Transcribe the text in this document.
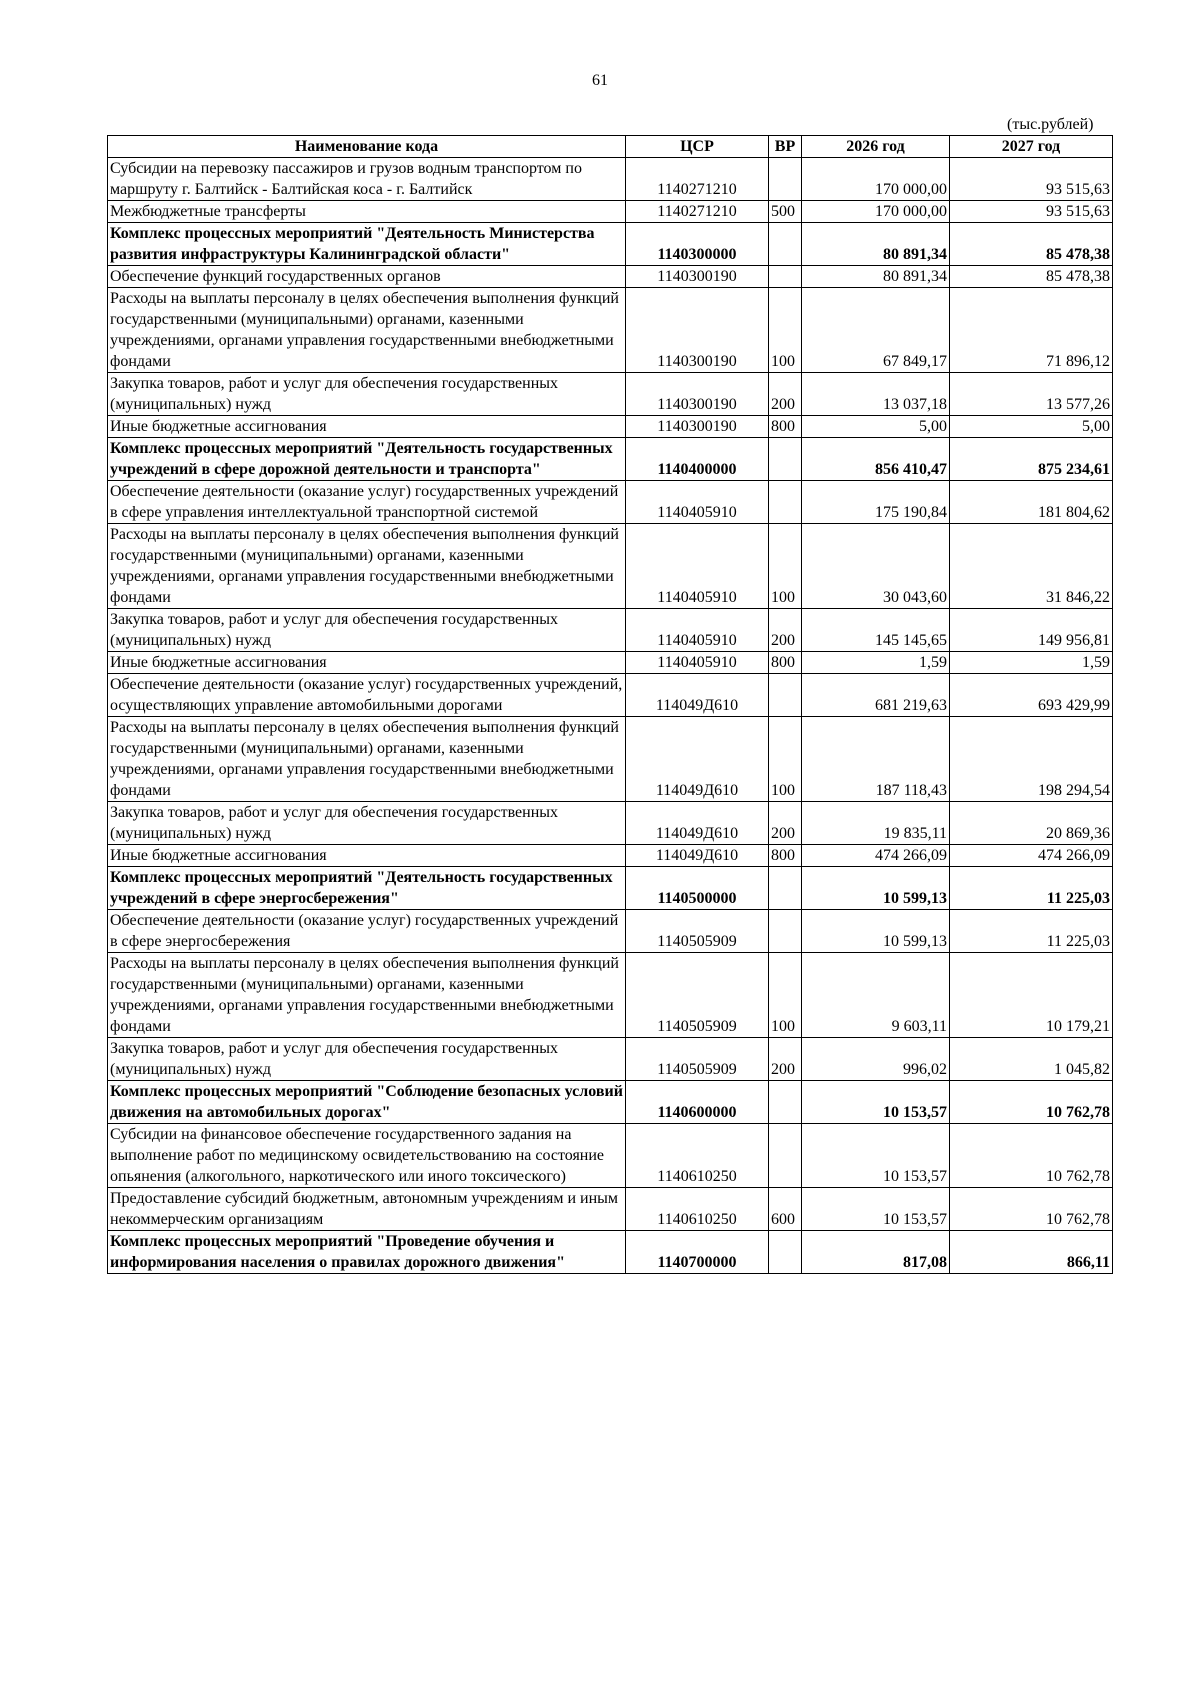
61
(тыс.рублей)
Наименование кода	ЦСР	ВР	2026 год	2027 год
Субсидии на перевозку пассажиров и грузов водным транспортом по маршруту г. Балтийск - Балтийская коса - г. Балтийск	1140271210		170 000,00	93 515,63
Межбюджетные трансферты	1140271210	500	170 000,00	93 515,63
Комплекс процессных мероприятий "Деятельность Министерства развития инфраструктуры Калининградской области"	1140300000		80 891,34	85 478,38
Обеспечение функций государственных органов	1140300190		80 891,34	85 478,38
Расходы на выплаты персоналу в целях обеспечения выполнения функций государственными (муниципальными) органами, казенными учреждениями, органами управления государственными внебюджетными фондами	1140300190	100	67 849,17	71 896,12
Закупка товаров, работ и услуг для обеспечения государственных (муниципальных) нужд	1140300190	200	13 037,18	13 577,26
Иные бюджетные ассигнования	1140300190	800	5,00	5,00
Комплекс процессных мероприятий "Деятельность государственных учреждений в сфере дорожной деятельности и транспорта"	1140400000		856 410,47	875 234,61
Обеспечение деятельности (оказание услуг) государственных учреждений в сфере управления интеллектуальной транспортной системой	1140405910		175 190,84	181 804,62
Расходы на выплаты персоналу в целях обеспечения выполнения функций государственными (муниципальными) органами, казенными учреждениями, органами управления государственными внебюджетными фондами	1140405910	100	30 043,60	31 846,22
Закупка товаров, работ и услуг для обеспечения государственных (муниципальных) нужд	1140405910	200	145 145,65	149 956,81
Иные бюджетные ассигнования	1140405910	800	1,59	1,59
Обеспечение деятельности (оказание услуг) государственных учреждений, осуществляющих управление автомобильными дорогами	114049Д610		681 219,63	693 429,99
Расходы на выплаты персоналу в целях обеспечения выполнения функций государственными (муниципальными) органами, казенными учреждениями, органами управления государственными внебюджетными фондами	114049Д610	100	187 118,43	198 294,54
Закупка товаров, работ и услуг для обеспечения государственных (муниципальных) нужд	114049Д610	200	19 835,11	20 869,36
Иные бюджетные ассигнования	114049Д610	800	474 266,09	474 266,09
Комплекс процессных мероприятий "Деятельность государственных учреждений в сфере энергосбережения"	1140500000		10 599,13	11 225,03
Обеспечение деятельности (оказание услуг) государственных учреждений в сфере энергосбережения	1140505909		10 599,13	11 225,03
Расходы на выплаты персоналу в целях обеспечения выполнения функций государственными (муниципальными) органами, казенными учреждениями, органами управления государственными внебюджетными фондами	1140505909	100	9 603,11	10 179,21
Закупка товаров, работ и услуг для обеспечения государственных (муниципальных) нужд	1140505909	200	996,02	1 045,82
Комплекс процессных мероприятий "Соблюдение безопасных условий движения на автомобильных дорогах"	1140600000		10 153,57	10 762,78
Субсидии на финансовое обеспечение государственного задания на выполнение работ по медицинскому освидетельствованию на состояние опьянения (алкогольного, наркотического или иного токсического)	1140610250		10 153,57	10 762,78
Предоставление субсидий бюджетным, автономным учреждениям и иным некоммерческим организациям	1140610250	600	10 153,57	10 762,78
Комплекс процессных мероприятий "Проведение обучения и информирования населения о правилах дорожного движения"	1140700000		817,08	866,11
